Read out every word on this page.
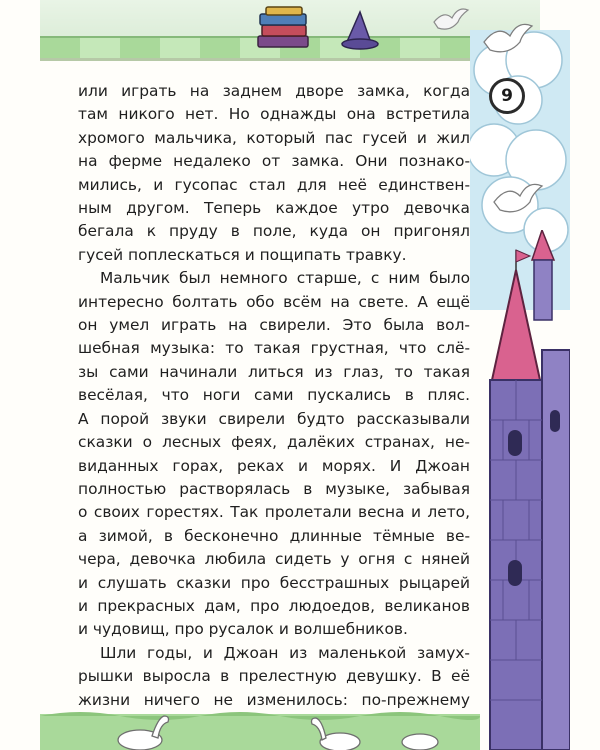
9
или играть на заднем дворе замка, когда
там никого нет. Но однажды она встретила
хромого мальчика, который пас гусей и жил
на ферме недалеко от замка. Они познако-
мились, и гусопас стал для неё единствен-
ным другом. Теперь каждое утро девочка
бегала к пруду в поле, куда он пригонял
гусей поплескаться и пощипать травку.
Мальчик был немного старше, с ним было
интересно болтать обо всём на свете. А ещё
он умел играть на свирели. Это была вол-
шебная музыка: то такая грустная, что слё-
зы сами начинали литься из глаз, то такая
весёлая, что ноги сами пускались в пляс.
А порой звуки свирели будто рассказывали
сказки о лесных феях, далёких странах, не-
виданных горах, реках и морях. И Джоан
полностью растворялась в музыке, забывая
о своих горестях. Так пролетали весна и лето,
а зимой, в бесконечно длинные тёмные ве-
чера, девочка любила сидеть у огня с няней
и слушать сказки про бесстрашных рыцарей
и прекрасных дам, про людоедов, великанов
и чудовищ, про русалок и волшебников.
Шли годы, и Джоан из маленькой замух-
рышки выросла в прелестную девушку. В её
жизни ничего не изменилось: по-прежнему
